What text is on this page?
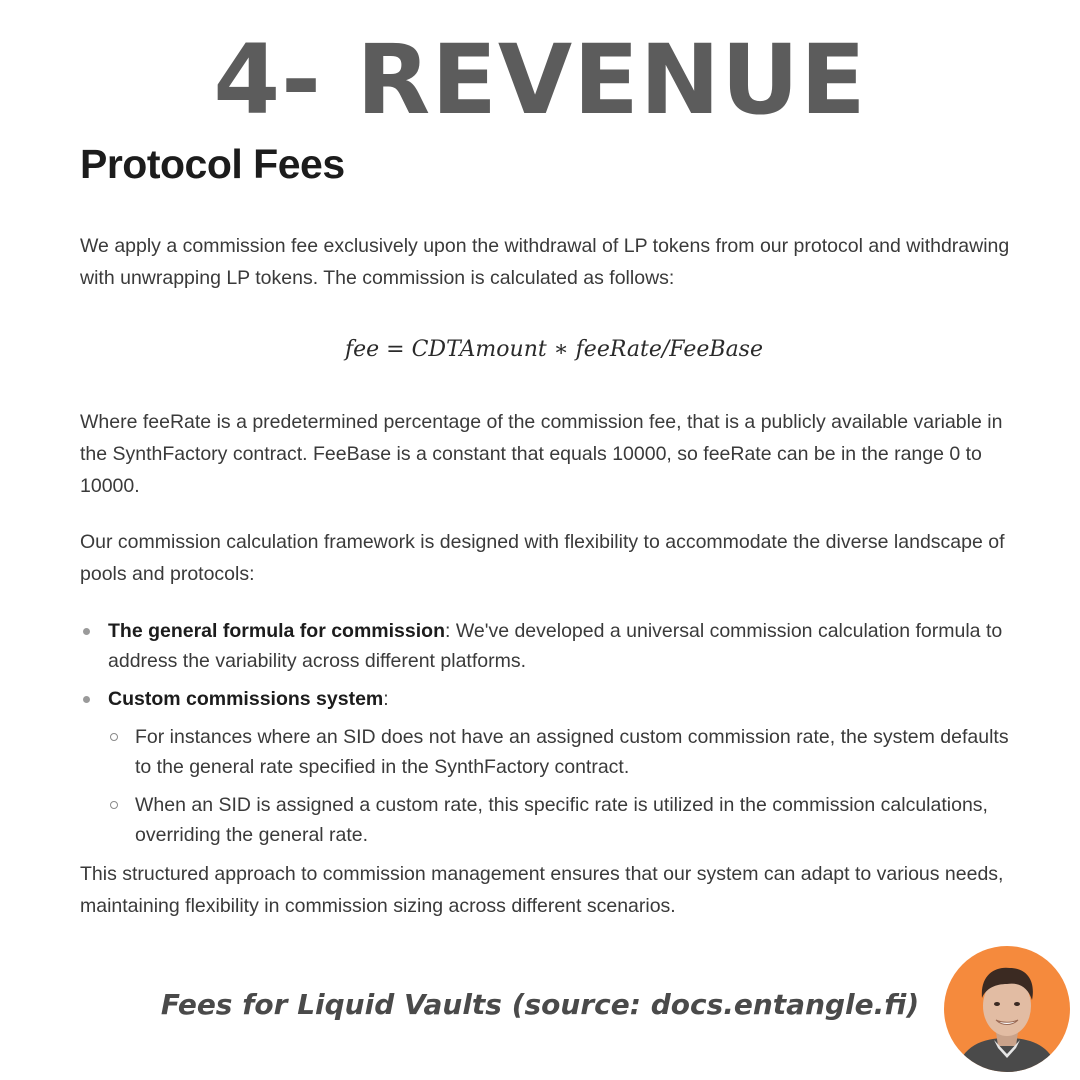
4- REVENUE
Protocol Fees

We apply a commission fee exclusively upon the withdrawal of LP tokens from our protocol and withdrawing with unwrapping LP tokens. The commission is calculated as follows:

fee = CDTAmount ∗ feeRate/FeeBase

Where feeRate is a predetermined percentage of the commission fee, that is a publicly available variable in the SynthFactory contract. FeeBase is a constant that equals 10000, so feeRate can be in the range 0 to 10000.

Our commission calculation framework is designed with flexibility to accommodate the diverse landscape of pools and protocols:

The general formula for commission: We've developed a universal commission calculation formula to address the variability across different platforms.
Custom commissions system:
For instances where an SID does not have an assigned custom commission rate, the system defaults to the general rate specified in the SynthFactory contract.
When an SID is assigned a custom rate, this specific rate is utilized in the commission calculations, overriding the general rate.

This structured approach to commission management ensures that our system can adapt to various needs, maintaining flexibility in commission sizing across different scenarios.

Fees for Liquid Vaults (source: docs.entangle.fi)
